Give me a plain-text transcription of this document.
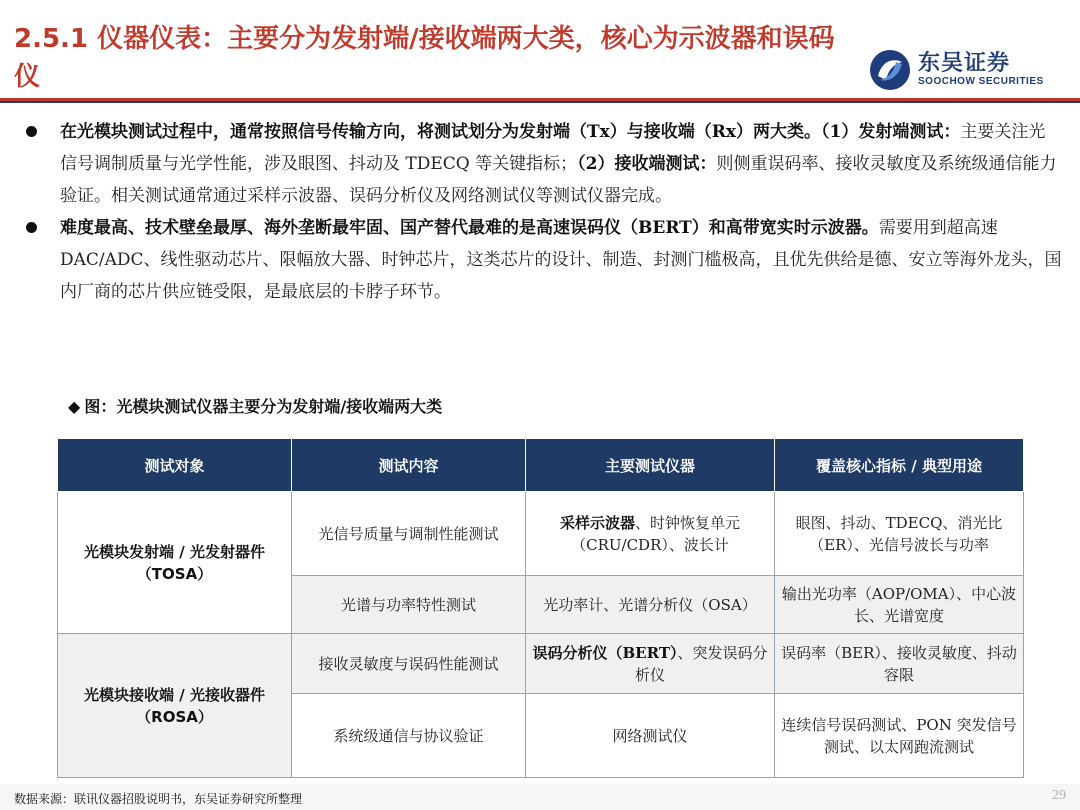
2.5.1 仪器仪表：主要分为发射端/接收端两大类，核心为示波器和误码仪	东吴证券
SOOCHOW SECURITIES
在光模块测试过程中，通常按照信号传输方向，将测试划分为发射端（Tx）与接收端（Rx）两大类。（1）发射端测试：主要关注光信号调制质量与光学性能，涉及眼图、抖动及 TDECQ 等关键指标；（2）接收端测试：则侧重误码率、接收灵敏度及系统级通信能力验证。相关测试通常通过采样示波器、误码分析仪及网络测试仪等测试仪器完成。
难度最高、技术壁垒最厚、海外垄断最牢固、国产替代最难的是高速误码仪（BERT）和高带宽实时示波器。需要用到超高速 DAC/ADC、线性驱动芯片、限幅放大器、时钟芯片，这类芯片的设计、制造、封测门槛极高，且优先供给是德、安立等海外龙头，国内厂商的芯片供应链受限，是最底层的卡脖子环节。
◆ 图：光模块测试仪器主要分为发射端/接收端两大类
测试对象	测试内容	主要测试仪器	覆盖核心指标 / 典型用途
光模块发射端 / 光发射器件（TOSA）	光信号质量与调制性能测试	采样示波器、时钟恢复单元（CRU/CDR）、波长计	眼图、抖动、TDECQ、消光比（ER）、光信号波长与功率
	光谱与功率特性测试	光功率计、光谱分析仪（OSA）	输出光功率（AOP/OMA）、中心波长、光谱宽度
光模块接收端 / 光接收器件（ROSA）	接收灵敏度与误码性能测试	误码分析仪（BERT）、突发误码分析仪	误码率（BER）、接收灵敏度、抖动容限
	系统级通信与协议验证	网络测试仪	连续信号误码测试、PON 突发信号测试、以太网跑流测试
数据来源：联讯仪器招股说明书，东吴证券研究所整理	29
